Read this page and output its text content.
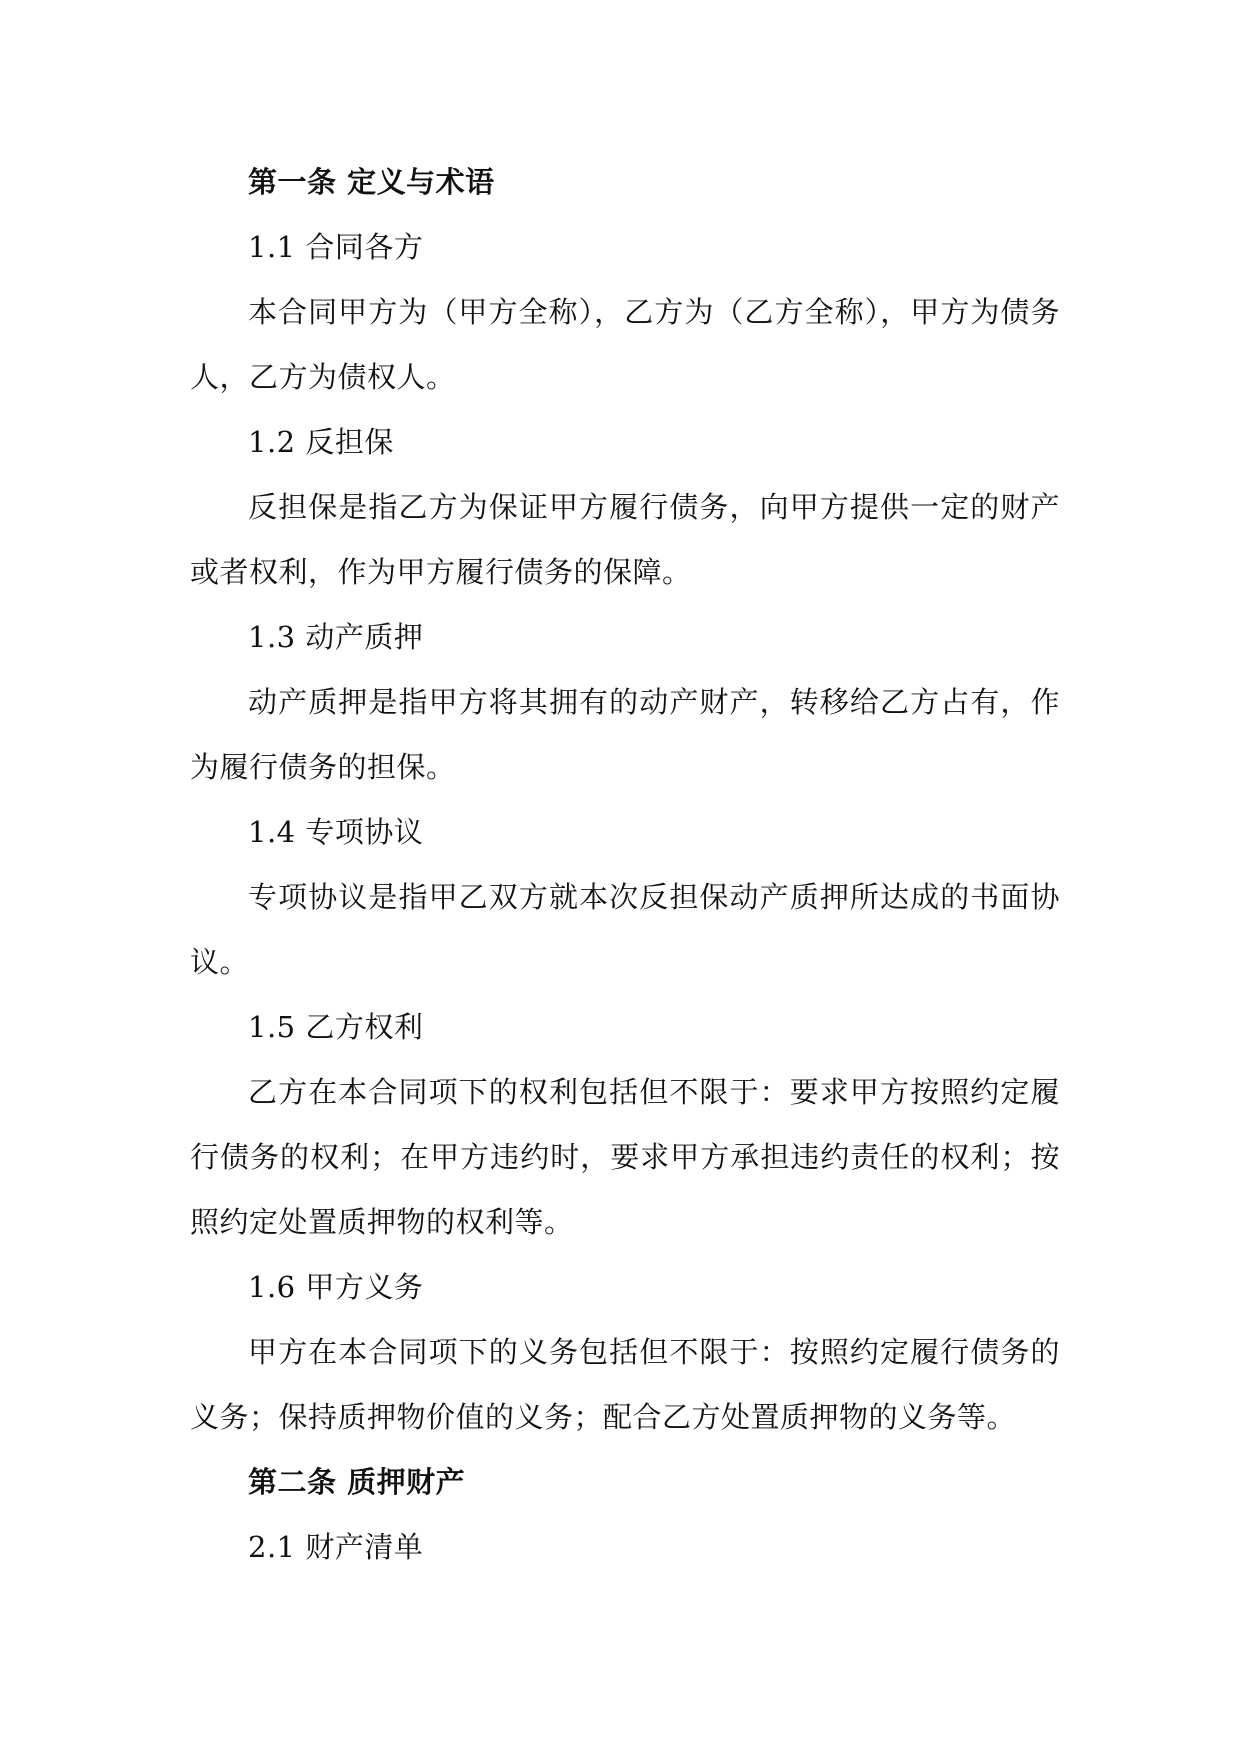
第一条 定义与术语

1.1 合同各方

本合同甲方为（甲方全称），乙方为（乙方全称），甲方为债务人，乙方为债权人。

1.2 反担保

反担保是指乙方为保证甲方履行债务，向甲方提供一定的财产或者权利，作为甲方履行债务的保障。

1.3 动产质押

动产质押是指甲方将其拥有的动产财产，转移给乙方占有，作为履行债务的担保。

1.4 专项协议

专项协议是指甲乙双方就本次反担保动产质押所达成的书面协议。

1.5 乙方权利

乙方在本合同项下的权利包括但不限于：要求甲方按照约定履行债务的权利；在甲方违约时，要求甲方承担违约责任的权利；按照约定处置质押物的权利等。

1.6 甲方义务

甲方在本合同项下的义务包括但不限于：按照约定履行债务的义务；保持质押物价值的义务；配合乙方处置质押物的义务等。

第二条 质押财产

2.1 财产清单
